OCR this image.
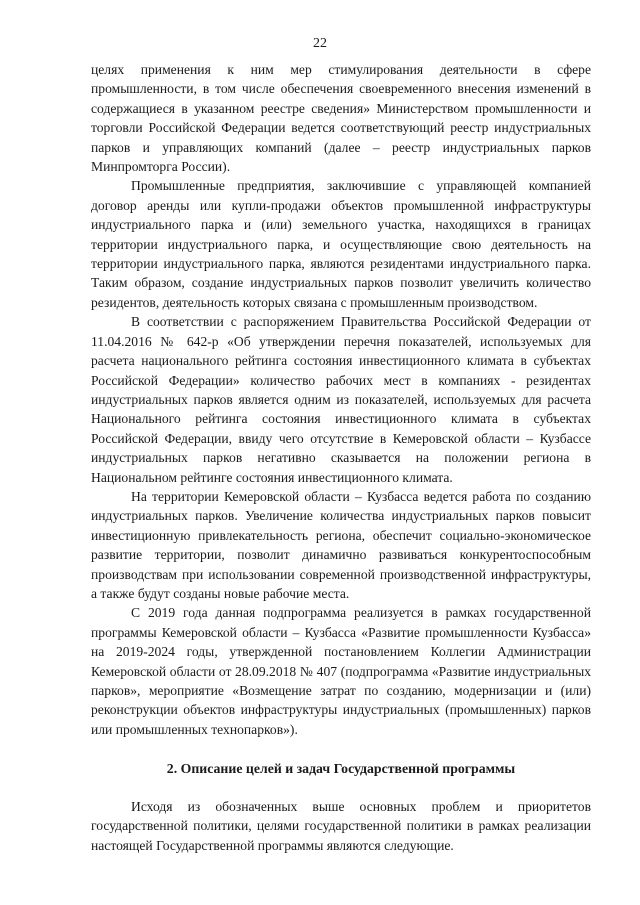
22

целях применения к ним мер стимулирования деятельности в сфере промышленности, в том числе обеспечения своевременного внесения изменений в содержащиеся в указанном реестре сведения» Министерством промышленности и торговли Российской Федерации ведется соответствующий реестр индустриальных парков и управляющих компаний (далее – реестр индустриальных парков Минпромторга России).

Промышленные предприятия, заключившие с управляющей компанией договор аренды или купли-продажи объектов промышленной инфраструктуры индустриального парка и (или) земельного участка, находящихся в границах территории индустриального парка, и осуществляющие свою деятельность на территории индустриального парка, являются резидентами индустриального парка. Таким образом, создание индустриальных парков позволит увеличить количество резидентов, деятельность которых связана с промышленным производством.

В соответствии с распоряжением Правительства Российской Федерации от 11.04.2016 № 642-р «Об утверждении перечня показателей, используемых для расчета национального рейтинга состояния инвестиционного климата в субъектах Российской Федерации» количество рабочих мест в компаниях - резидентах индустриальных парков является одним из показателей, используемых для расчета Национального рейтинга состояния инвестиционного климата в субъектах Российской Федерации, ввиду чего отсутствие в Кемеровской области – Кузбассе индустриальных парков негативно сказывается на положении региона в Национальном рейтинге состояния инвестиционного климата.

На территории Кемеровской области – Кузбасса ведется работа по созданию индустриальных парков. Увеличение количества индустриальных парков повысит инвестиционную привлекательность региона, обеспечит социально-экономическое развитие территории, позволит динамично развиваться конкурентоспособным производствам при использовании современной производственной инфраструктуры, а также будут созданы новые рабочие места.

С 2019 года данная подпрограмма реализуется в рамках государственной программы Кемеровской области – Кузбасса «Развитие промышленности Кузбасса» на 2019-2024 годы, утвержденной постановлением Коллегии Администрации Кемеровской области от 28.09.2018 № 407 (подпрограмма «Развитие индустриальных парков», мероприятие «Возмещение затрат по созданию, модернизации и (или) реконструкции объектов инфраструктуры индустриальных (промышленных) парков или промышленных технопарков»).

2. Описание целей и задач Государственной программы

Исходя из обозначенных выше основных проблем и приоритетов государственной политики, целями государственной политики в рамках реализации настоящей Государственной программы являются следующие.
